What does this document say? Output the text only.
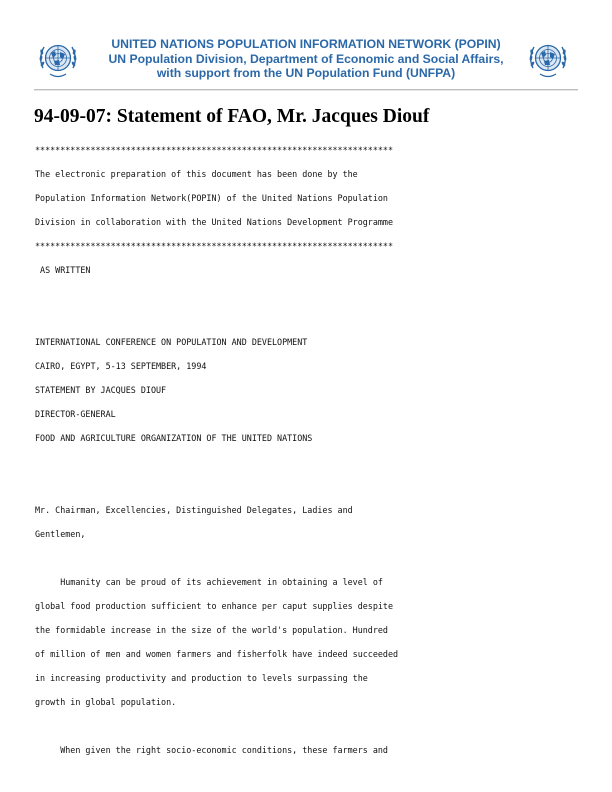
UNITED NATIONS POPULATION INFORMATION NETWORK (POPIN)
UN Population Division, Department of Economic and Social Affairs,
with support from the UN Population Fund (UNFPA)
94-09-07: Statement of FAO, Mr. Jacques Diouf
***********************************************************************
The electronic preparation of this document has been done by the
Population Information Network(POPIN) of the United Nations Population
Division in collaboration with the United Nations Development Programme
***********************************************************************
AS WRITTEN
INTERNATIONAL CONFERENCE ON POPULATION AND DEVELOPMENT
CAIRO, EGYPT, 5-13 SEPTEMBER, 1994
STATEMENT BY JACQUES DIOUF
DIRECTOR-GENERAL
FOOD AND AGRICULTURE ORGANIZATION OF THE UNITED NATIONS
Mr. Chairman, Excellencies, Distinguished Delegates, Ladies and
Gentlemen,
Humanity can be proud of its achievement in obtaining a level of
global food production sufficient to enhance per caput supplies despite
the formidable increase in the size of the world's population. Hundred
of million of men and women farmers and fisherfolk have indeed succeeded
in increasing productivity and production to levels surpassing the
growth in global population.
When given the right socio-economic conditions, these farmers and
